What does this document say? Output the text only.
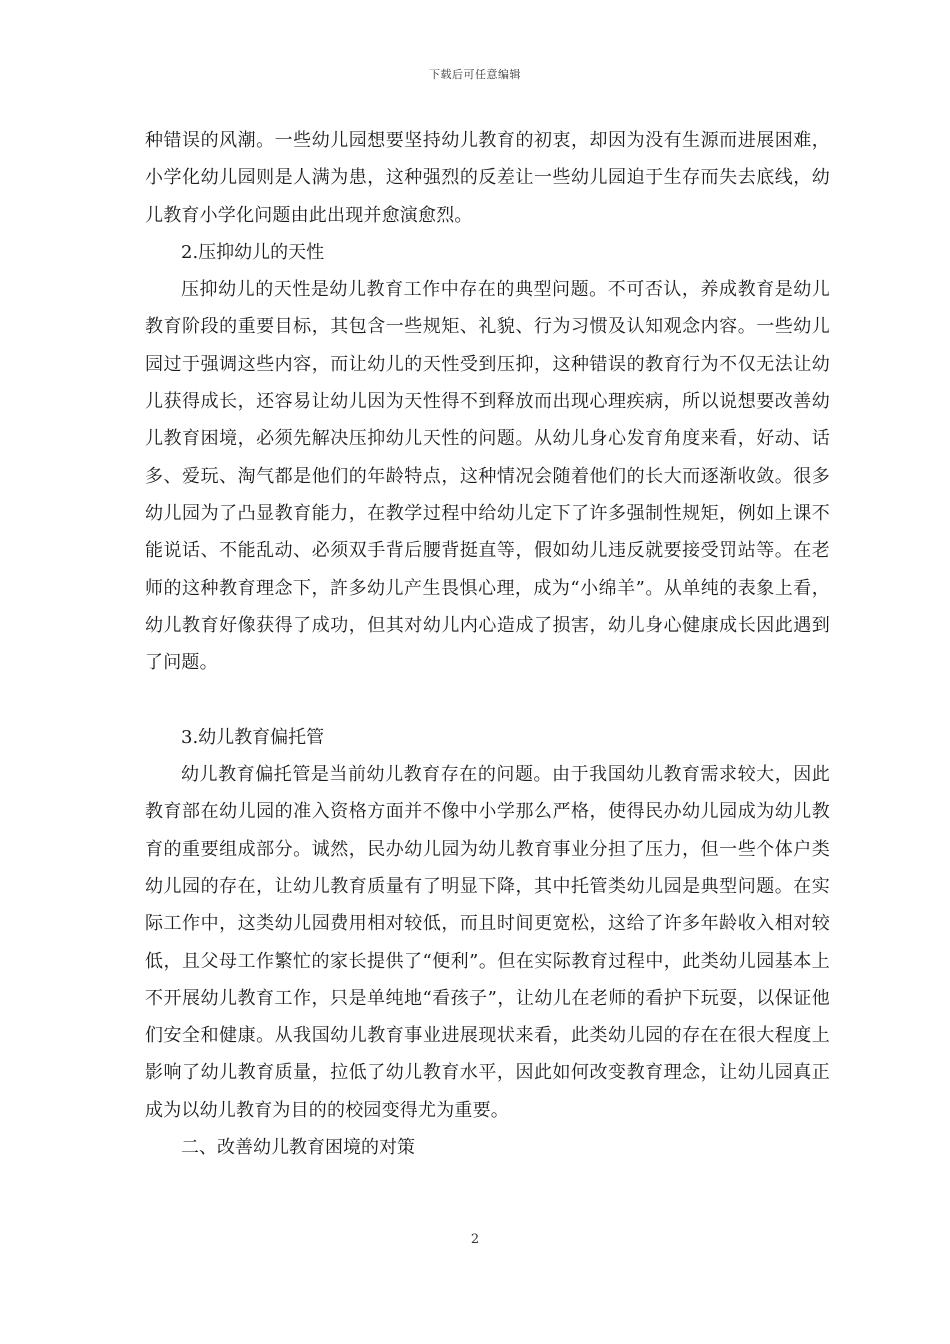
下载后可任意编辑

种错误的风潮。一些幼儿园想要坚持幼儿教育的初衷，却因为没有生源而进展困难，小学化幼儿园则是人满为患，这种强烈的反差让一些幼儿园迫于生存而失去底线，幼儿教育小学化问题由此出现并愈演愈烈。

2.压抑幼儿的天性

压抑幼儿的天性是幼儿教育工作中存在的典型问题。不可否认，养成教育是幼儿教育阶段的重要目标，其包含一些规矩、礼貌、行为习惯及认知观念内容。一些幼儿园过于强调这些内容，而让幼儿的天性受到压抑，这种错误的教育行为不仅无法让幼儿获得成长，还容易让幼儿因为天性得不到释放而出现心理疾病，所以说想要改善幼儿教育困境，必须先解决压抑幼儿天性的问题。从幼儿身心发育角度来看，好动、话多、爱玩、淘气都是他们的年龄特点，这种情况会随着他们的长大而逐渐收敛。很多幼儿园为了凸显教育能力，在教学过程中给幼儿定下了许多强制性规矩，例如上课不能说话、不能乱动、必须双手背后腰背挺直等，假如幼儿违反就要接受罚站等。在老师的这种教育理念下，許多幼儿产生畏惧心理，成为“小绵羊”。从单纯的表象上看，幼儿教育好像获得了成功，但其对幼儿内心造成了损害，幼儿身心健康成长因此遇到了问题。

3.幼儿教育偏托管

幼儿教育偏托管是当前幼儿教育存在的问题。由于我国幼儿教育需求较大，因此教育部在幼儿园的准入资格方面并不像中小学那么严格，使得民办幼儿园成为幼儿教育的重要组成部分。诚然，民办幼儿园为幼儿教育事业分担了压力，但一些个体户类幼儿园的存在，让幼儿教育质量有了明显下降，其中托管类幼儿园是典型问题。在实际工作中，这类幼儿园费用相对较低，而且时间更宽松，这给了许多年龄收入相对较低，且父母工作繁忙的家长提供了“便利”。但在实际教育过程中，此类幼儿园基本上不开展幼儿教育工作，只是单纯地“看孩子”，让幼儿在老师的看护下玩耍，以保证他们安全和健康。从我国幼儿教育事业进展现状来看，此类幼儿园的存在在很大程度上影响了幼儿教育质量，拉低了幼儿教育水平，因此如何改变教育理念，让幼儿园真正成为以幼儿教育为目的的校园变得尤为重要。

二、改善幼儿教育困境的对策

2
